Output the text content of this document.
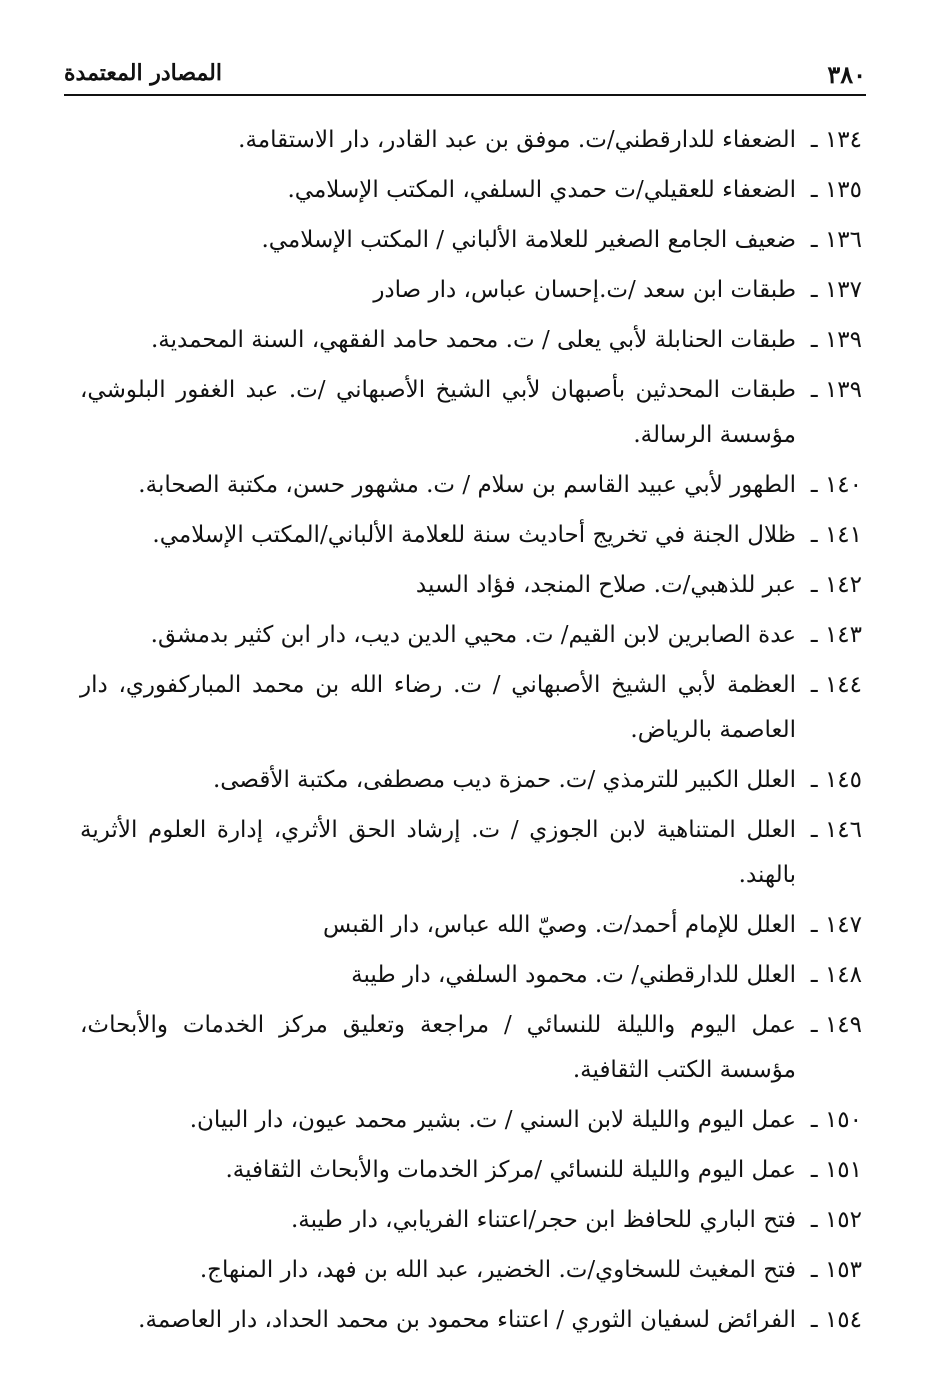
٣٨٠
المصادر المعتمدة
١٣٤ ـ
الضعفاء للدارقطني/ت. موفق بن عبد القادر، دار الاستقامة.
١٣٥ ـ
الضعفاء للعقيلي/ت حمدي السلفي، المكتب الإسلامي.
١٣٦ ـ
ضعيف الجامع الصغير للعلامة الألباني / المكتب الإسلامي.
١٣٧ ـ
طبقات ابن سعد /ت.إحسان عباس، دار صادر
١٣٩ ـ
طبقات الحنابلة لأبي يعلى / ت. محمد حامد الفقهي، السنة المحمدية.
١٣٩ ـ
طبقات المحدثين بأصبهان لأبي الشيخ الأصبهاني /ت. عبد الغفور البلوشي، مؤسسة الرسالة.
١٤٠ ـ
الطهور لأبي عبيد القاسم بن سلام / ت. مشهور حسن، مكتبة الصحابة.
١٤١ ـ
ظلال الجنة في تخريج أحاديث سنة للعلامة الألباني/المكتب الإسلامي.
١٤٢ ـ
عبر للذهبي/ت. صلاح المنجد، فؤاد السيد
١٤٣ ـ
عدة الصابرين لابن القيم/ ت. محيي الدين ديب، دار ابن كثير بدمشق.
١٤٤ ـ
العظمة لأبي الشيخ الأصبهاني / ت. رضاء الله بن محمد المباركفوري، دار العاصمة بالرياض.
١٤٥ ـ
العلل الكبير للترمذي /ت. حمزة ديب مصطفى، مكتبة الأقصى.
١٤٦ ـ
العلل المتناهية لابن الجوزي / ت. إرشاد الحق الأثري، إدارة العلوم الأثرية بالهند.
١٤٧ ـ
العلل للإمام أحمد/ت. وصيّ الله عباس، دار القبس
١٤٨ ـ
العلل للدارقطني/ ت. محمود السلفي، دار طيبة
١٤٩ ـ
عمل اليوم والليلة للنسائي / مراجعة وتعليق مركز الخدمات والأبحاث، مؤسسة الكتب الثقافية.
١٥٠ ـ
عمل اليوم والليلة لابن السني / ت. بشير محمد عيون، دار البيان.
١٥١ ـ
عمل اليوم والليلة للنسائي /مركز الخدمات والأبحاث الثقافية.
١٥٢ ـ
فتح الباري للحافظ ابن حجر/اعتناء الفريابي، دار طيبة.
١٥٣ ـ
فتح المغيث للسخاوي/ت. الخضير، عبد الله بن فهد، دار المنهاج.
١٥٤ ـ
الفرائض لسفيان الثوري / اعتناء محمود بن محمد الحداد، دار العاصمة.
